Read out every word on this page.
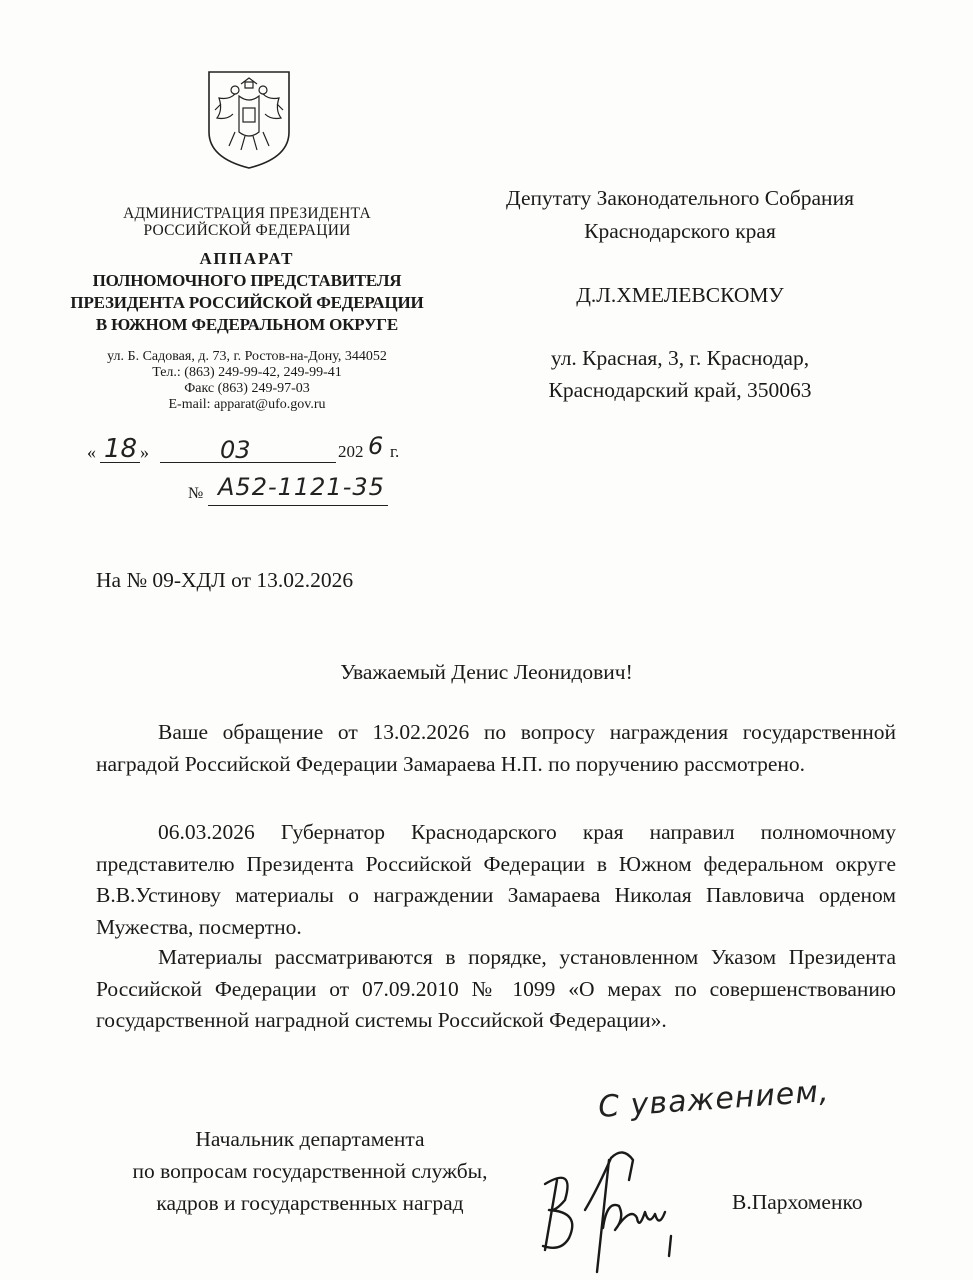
АДМИНИСТРАЦИЯ ПРЕЗИДЕНТА
РОССИЙСКОЙ ФЕДЕРАЦИИ
АППАРАТ
ПОЛНОМОЧНОГО ПРЕДСТАВИТЕЛЯ
ПРЕЗИДЕНТА РОССИЙСКОЙ ФЕДЕРАЦИИ
В ЮЖНОМ ФЕДЕРАЛЬНОМ ОКРУГЕ
ул. Б. Садовая, д. 73, г. Ростов-на-Дону, 344052
Тел.: (863) 249-99-42, 249-99-41
Факс (863) 249-97-03
E-mail: apparat@ufo.gov.ru
« 18 »	03	202 6 г.
№ А52-1121-35
Депутату Законодательного Собрания
Краснодарского края
Д.Л.ХМЕЛЕВСКОМУ
ул. Красная, 3, г. Краснодар,
Краснодарский край, 350063
На № 09-ХДЛ от 13.02.2026
Уважаемый Денис Леонидович!
Ваше обращение от 13.02.2026 по вопросу награждения государственной наградой Российской Федерации Замараева Н.П. по поручению рассмотрено.
06.03.2026 Губернатор Краснодарского края направил полномочному представителю Президента Российской Федерации в Южном федеральном округе В.В.Устинову материалы о награждении Замараева Николая Павловича орденом Мужества, посмертно.
Материалы рассматриваются в порядке, установленном Указом Президента Российской Федерации от 07.09.2010 № 1099 «О мерах по совершенствованию государственной наградной системы Российской Федерации».
С уважением,
Начальник департамента
по вопросам государственной службы,
кадров и государственных наград	В.Пархоменко
